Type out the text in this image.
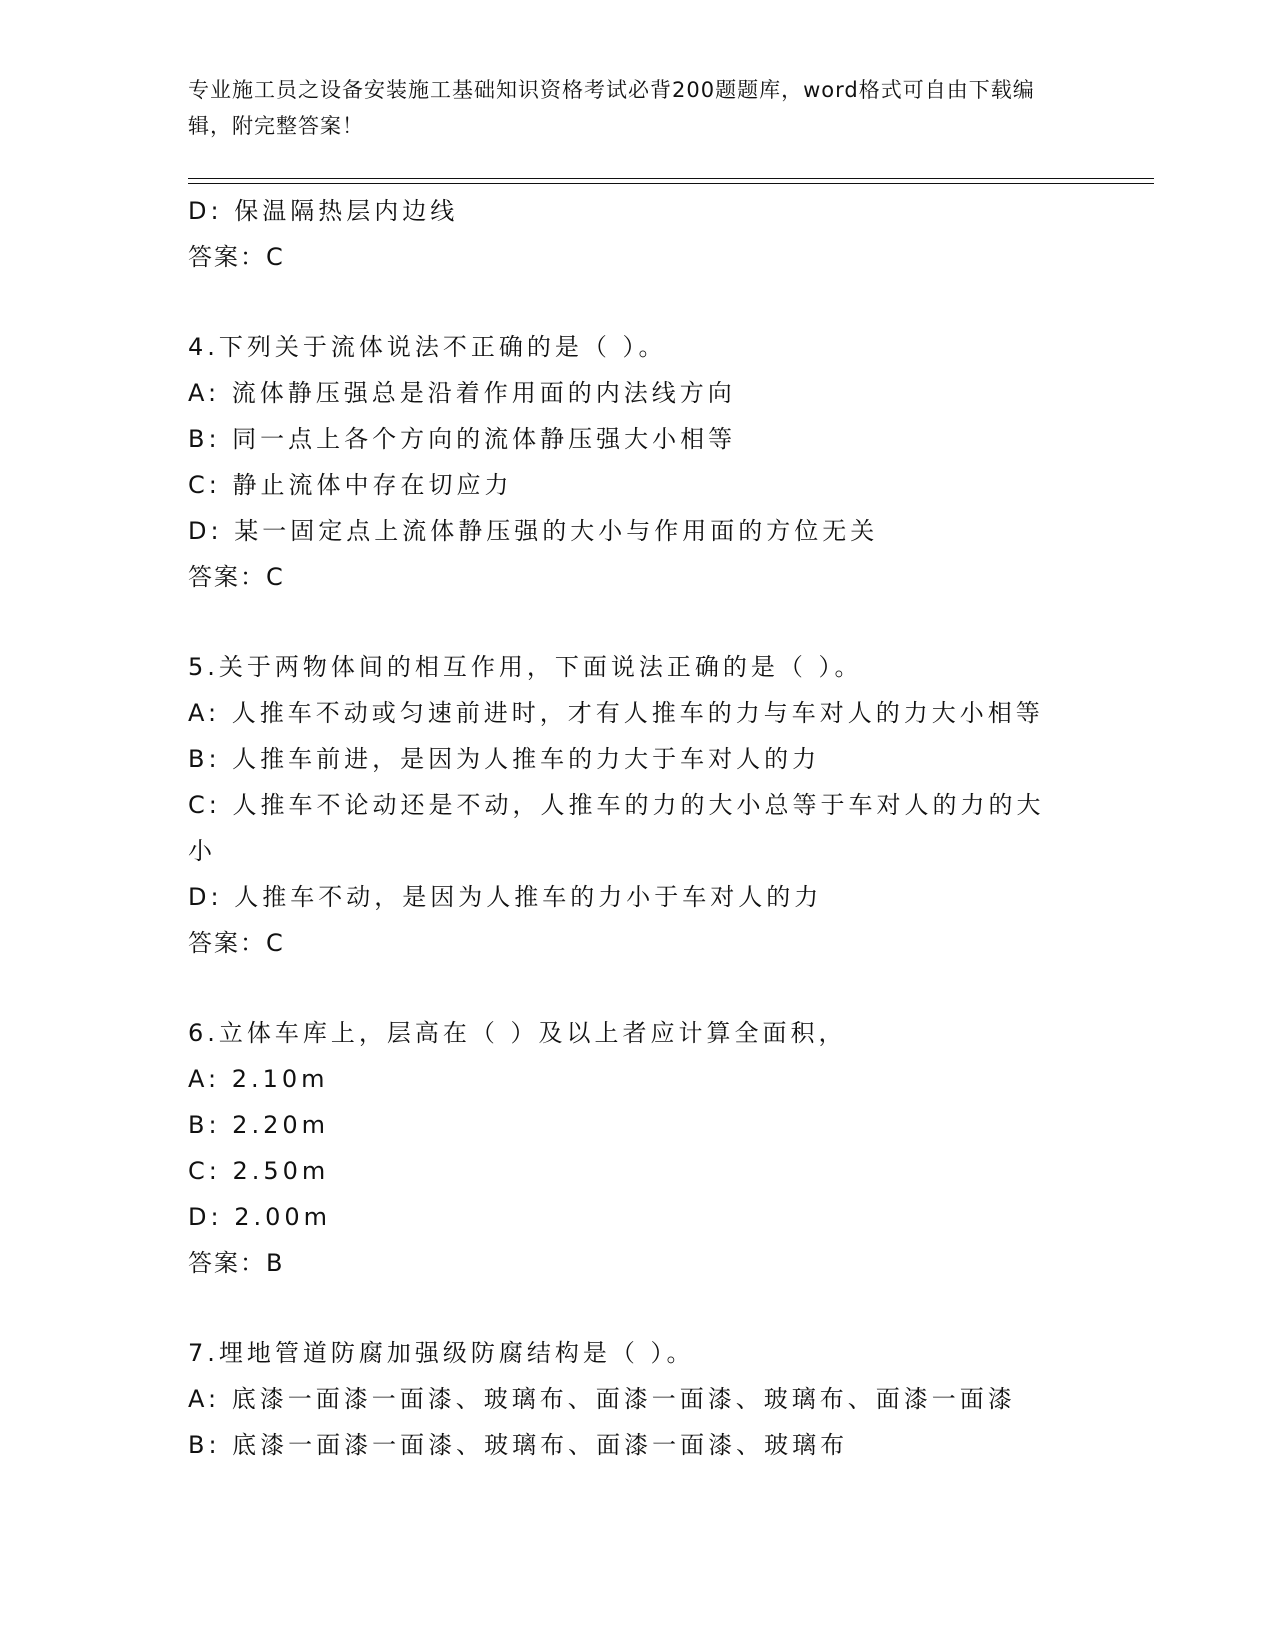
专业施工员之设备安装施工基础知识资格考试必背200题题库，word格式可自由下载编辑，附完整答案！
D: 保温隔热层内边线
答案：C
4.下列关于流体说法不正确的是（ ）。
A: 流体静压强总是沿着作用面的内法线方向
B: 同一点上各个方向的流体静压强大小相等
C: 静止流体中存在切应力
D: 某一固定点上流体静压强的大小与作用面的方位无关
答案：C
5.关于两物体间的相互作用，下面说法正确的是（ ）。
A: 人推车不动或匀速前进时，才有人推车的力与车对人的力大小相等
B: 人推车前进，是因为人推车的力大于车对人的力
C: 人推车不论动还是不动，人推车的力的大小总等于车对人的力的大小
D: 人推车不动，是因为人推车的力小于车对人的力
答案：C
6.立体车库上，层高在（ ）及以上者应计算全面积，
A: 2.10m
B: 2.20m
C: 2.50m
D: 2.00m
答案：B
7.埋地管道防腐加强级防腐结构是（ ）。
A: 底漆一面漆一面漆、玻璃布、面漆一面漆、玻璃布、面漆一面漆
B: 底漆一面漆一面漆、玻璃布、面漆一面漆、玻璃布
